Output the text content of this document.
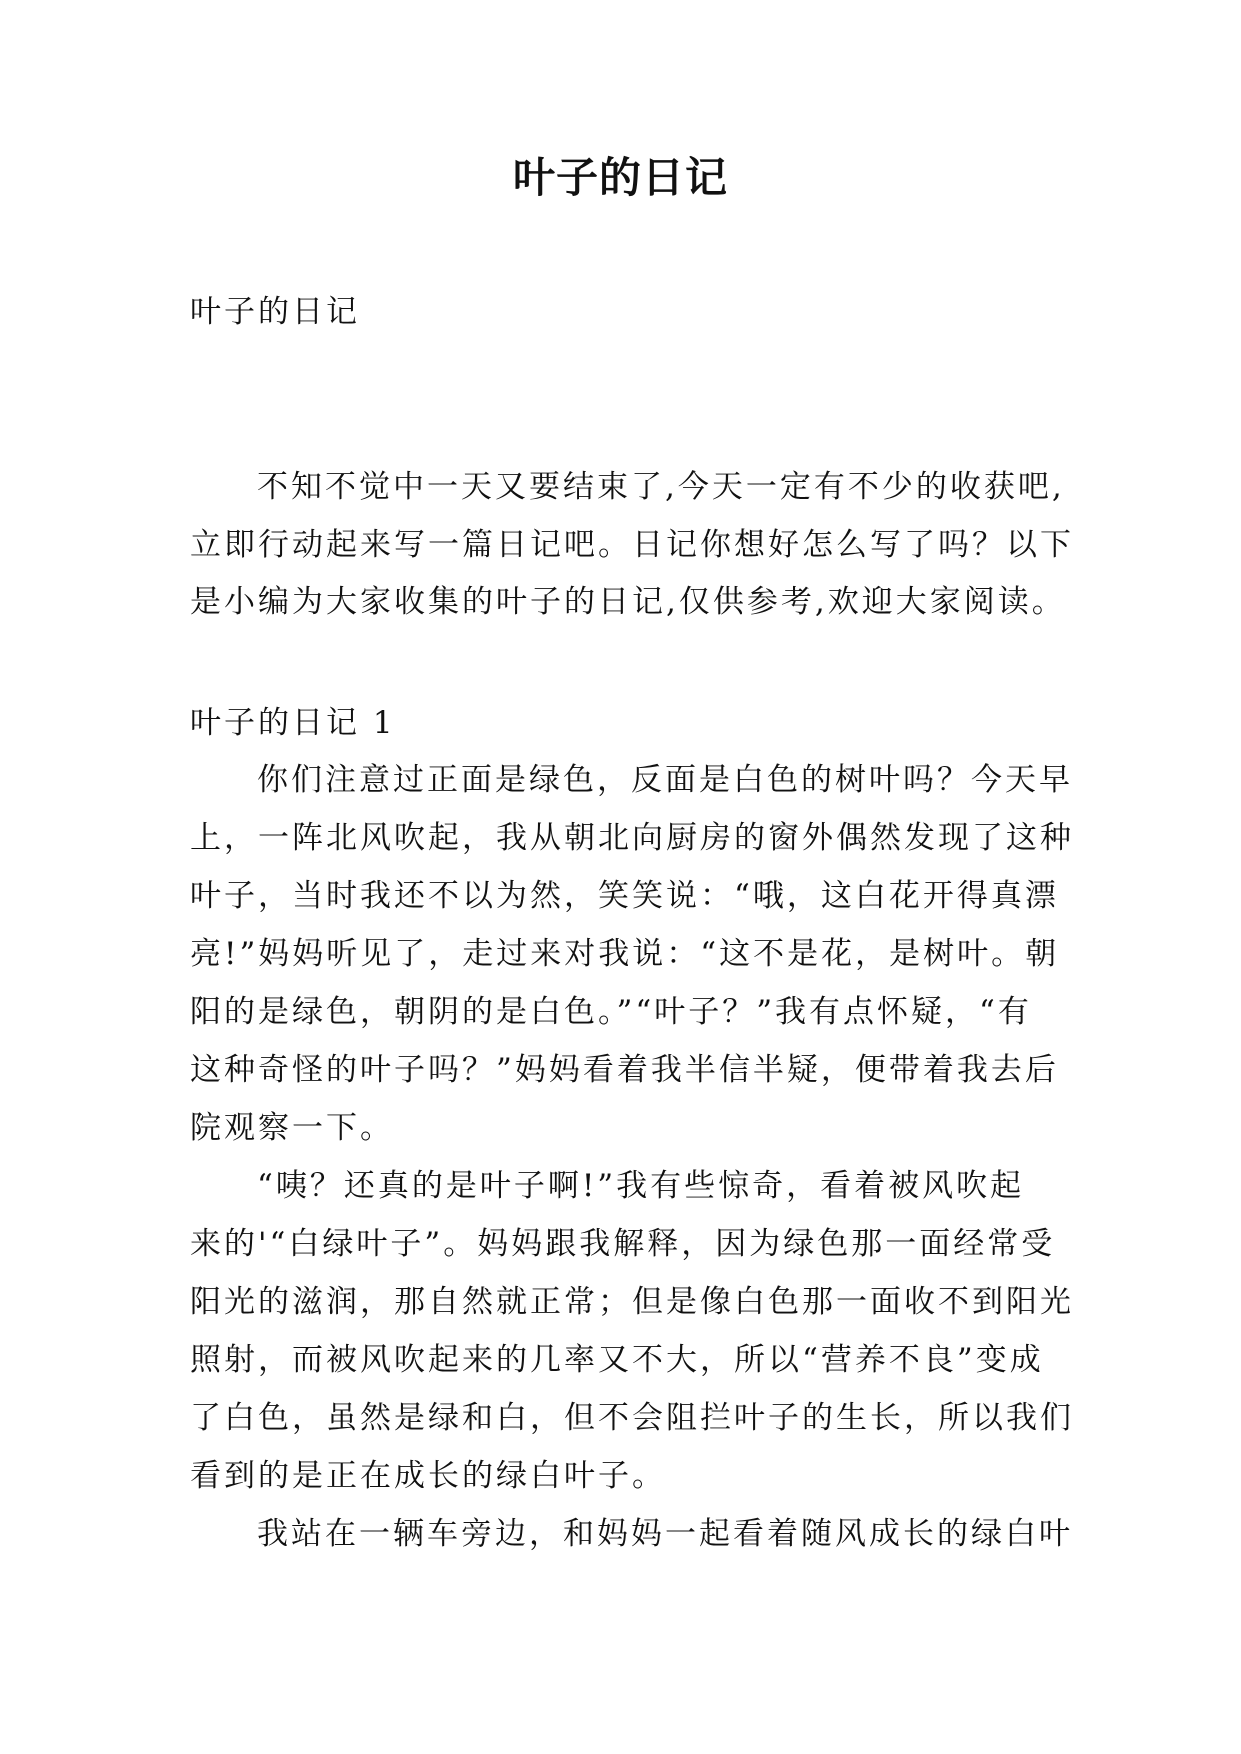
叶子的日记
叶子的日记
不知不觉中一天又要结束了,今天一定有不少的收获吧,
立即行动起来写一篇日记吧。日记你想好怎么写了吗？以下
是小编为大家收集的叶子的日记,仅供参考,欢迎大家阅读。
叶子的日记 1
你们注意过正面是绿色，反面是白色的树叶吗？今天早
上，一阵北风吹起，我从朝北向厨房的窗外偶然发现了这种
叶子，当时我还不以为然，笑笑说：“哦，这白花开得真漂
亮!”妈妈听见了，走过来对我说：“这不是花，是树叶。朝
阳的是绿色，朝阴的是白色。”“叶子？”我有点怀疑，“有
这种奇怪的叶子吗？”妈妈看着我半信半疑，便带着我去后
院观察一下。
“咦？还真的是叶子啊!”我有些惊奇，看着被风吹起
来的'“白绿叶子”。妈妈跟我解释，因为绿色那一面经常受
阳光的滋润，那自然就正常；但是像白色那一面收不到阳光
照射，而被风吹起来的几率又不大，所以“营养不良”变成
了白色，虽然是绿和白，但不会阻拦叶子的生长，所以我们
看到的是正在成长的绿白叶子。
我站在一辆车旁边，和妈妈一起看着随风成长的绿白叶
